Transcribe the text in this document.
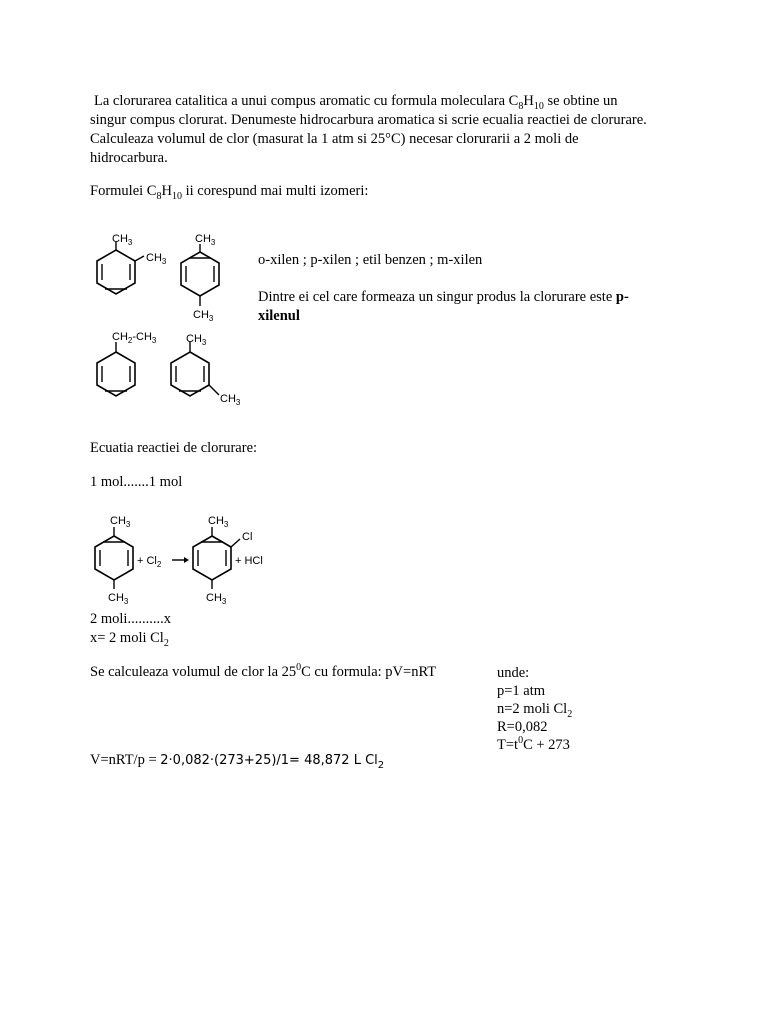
La clorurarea catalitica a unui compus aromatic cu formula moleculara $C_8H_{10}$ se obtine un
singur compus clorurat. Denumeste hidrocarbura aromatica si scrie ecualia reactiei de clorurare.
Calculeaza volumul de clor (masurat la 1 atm si 25°C) necesar clorurarii a 2 moli de
hidrocarbura.
Formulei $C_8H_{10}$ ii corespund mai multi izomeri:
$CH_3$
$CH_3$
$CH_3$
$CH_3$
$CH_2-CH_3$	$CH_3$
$CH_3$
o-xilen ; p-xilen ; etil benzen ; m-xilen
Dintre ei cel care formeaza un singur produs la clorurare este p-
xilenul
Ecuatia reactiei de clorurare:
1 mol.......1 mol
$CH_3$
$CH_3$
+ $Cl_2$
$CH_3$
Cl
$CH_3$
+ HCl
2 moli..........x
x= 2 moli $Cl_2$
Se calculeaza volumul de clor la $25^0C$ cu formula: pV=nRT	unde:
p=1 atm
n=2 moli $Cl_2$
R=0,082
$T=t^0C + 273$
V=nRT/p = 2·0,082·(273+25)/1= 48,872 L $Cl_2$
